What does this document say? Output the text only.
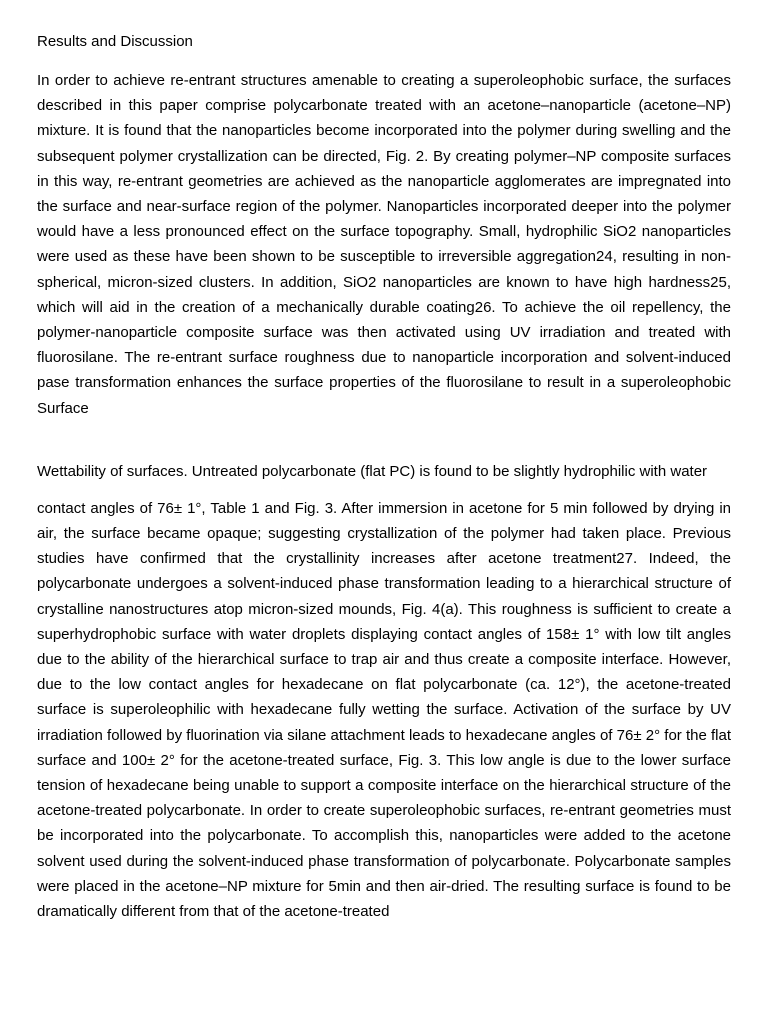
Results and Discussion

In order to achieve re-entrant structures amenable to creating a superoleophobic surface, the surfaces described in this paper comprise polycarbonate treated with an acetone–nanoparticle (acetone–NP) mixture. It is found that the nanoparticles become incorporated into the polymer during swelling and the subsequent polymer crystallization can be directed, Fig. 2. By creating polymer–NP composite surfaces in this way, re-entrant geometries are achieved as the nanoparticle agglomerates are impregnated into the surface and near-surface region of the polymer. Nanoparticles incorporated deeper into the polymer would have a less pronounced effect on the surface topography. Small, hydrophilic SiO2 nanoparticles were used as these have been shown to be susceptible to irreversible aggregation24, resulting in non-spherical, micron-sized clusters. In addition, SiO2 nanoparticles are known to have high hardness25, which will aid in the creation of a mechanically durable coating26. To achieve the oil repellency, the polymer-nanoparticle composite surface was then activated using UV irradiation and treated with fluorosilane. The re-entrant surface roughness due to nanoparticle incorporation and solvent-induced pase transformation enhances the surface properties of the fluorosilane to result in a superoleophobic Surface

Wettability of surfaces. Untreated polycarbonate (flat PC) is found to be slightly hydrophilic with water

contact angles of 76± 1°, Table 1 and Fig. 3. After immersion in acetone for 5 min followed by drying in air, the surface became opaque; suggesting crystallization of the polymer had taken place. Previous studies have confirmed that the crystallinity increases after acetone treatment27. Indeed, the polycarbonate undergoes a solvent-induced phase transformation leading to a hierarchical structure of crystalline nanostructures atop micron-sized mounds, Fig. 4(a). This roughness is sufficient to create a superhydrophobic surface with water droplets displaying contact angles of 158± 1° with low tilt angles due to the ability of the hierarchical surface to trap air and thus create a composite interface. However, due to the low contact angles for hexadecane on flat polycarbonate (ca. 12°), the acetone-treated surface is superoleophilic with hexadecane fully wetting the surface. Activation of the surface by UV irradiation followed by fluorination via silane attachment leads to hexadecane angles of 76± 2° for the flat surface and 100± 2° for the acetone-treated surface, Fig. 3. This low angle is due to the lower surface tension of hexadecane being unable to support a composite interface on the hierarchical structure of the acetone-treated polycarbonate. In order to create superoleophobic surfaces, re-entrant geometries must be incorporated into the polycarbonate. To accomplish this, nanoparticles were added to the acetone solvent used during the solvent-induced phase transformation of polycarbonate. Polycarbonate samples were placed in the acetone–NP mixture for 5min and then air-dried. The resulting surface is found to be dramatically different from that of the acetone-treated
